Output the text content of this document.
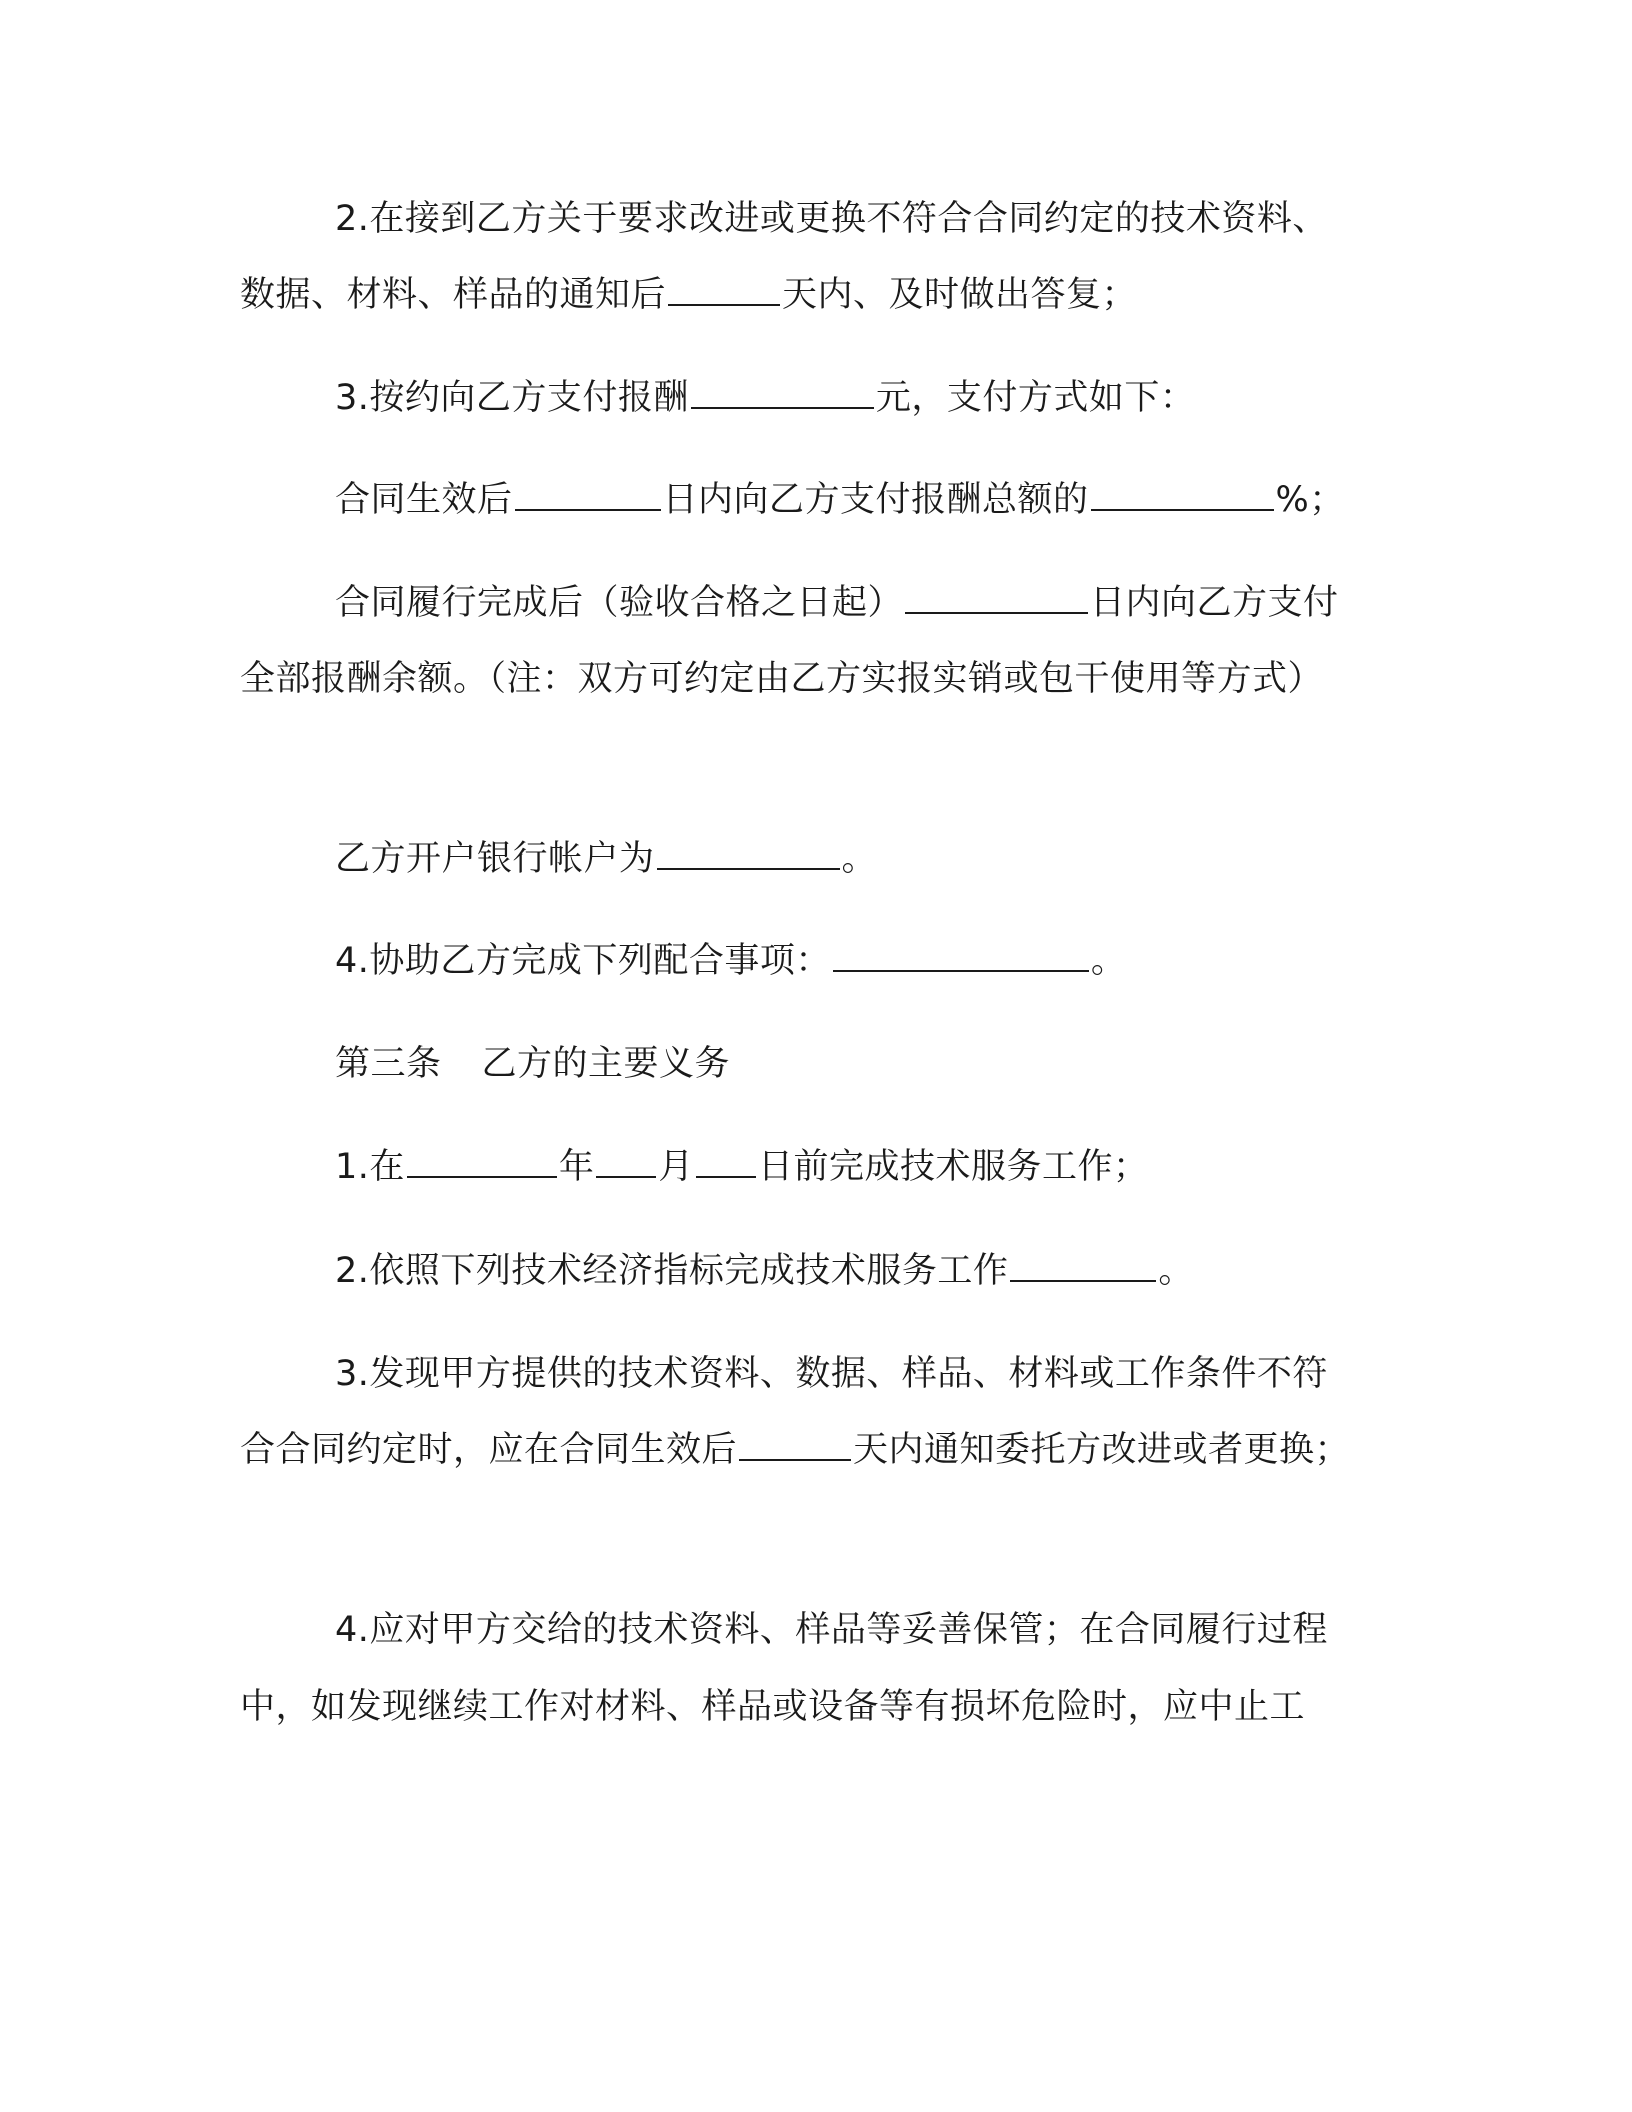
2.在接到乙方关于要求改进或更换不符合合同约定的技术资料、
数据、材料、样品的通知后	天内、及时做出答复；
3.按约向乙方支付报酬	元，支付方式如下：
合同生效后	日内向乙方支付报酬总额的	%；
合同履行完成后（验收合格之日起）	日内向乙方支付
全部报酬余额。（注：双方可约定由乙方实报实销或包干使用等方式）
乙方开户银行帐户为	。
4.协助乙方完成下列配合事项：	。
第三条 乙方的主要义务
1.在	年 月 日前完成技术服务工作；
2.依照下列技术经济指标完成技术服务工作	。
3.发现甲方提供的技术资料、数据、样品、材料或工作条件不符
合合同约定时，应在合同生效后	天内通知委托方改进或者更换；
4.应对甲方交给的技术资料、样品等妥善保管；在合同履行过程
中，如发现继续工作对材料、样品或设备等有损坏危险时，应中止工
